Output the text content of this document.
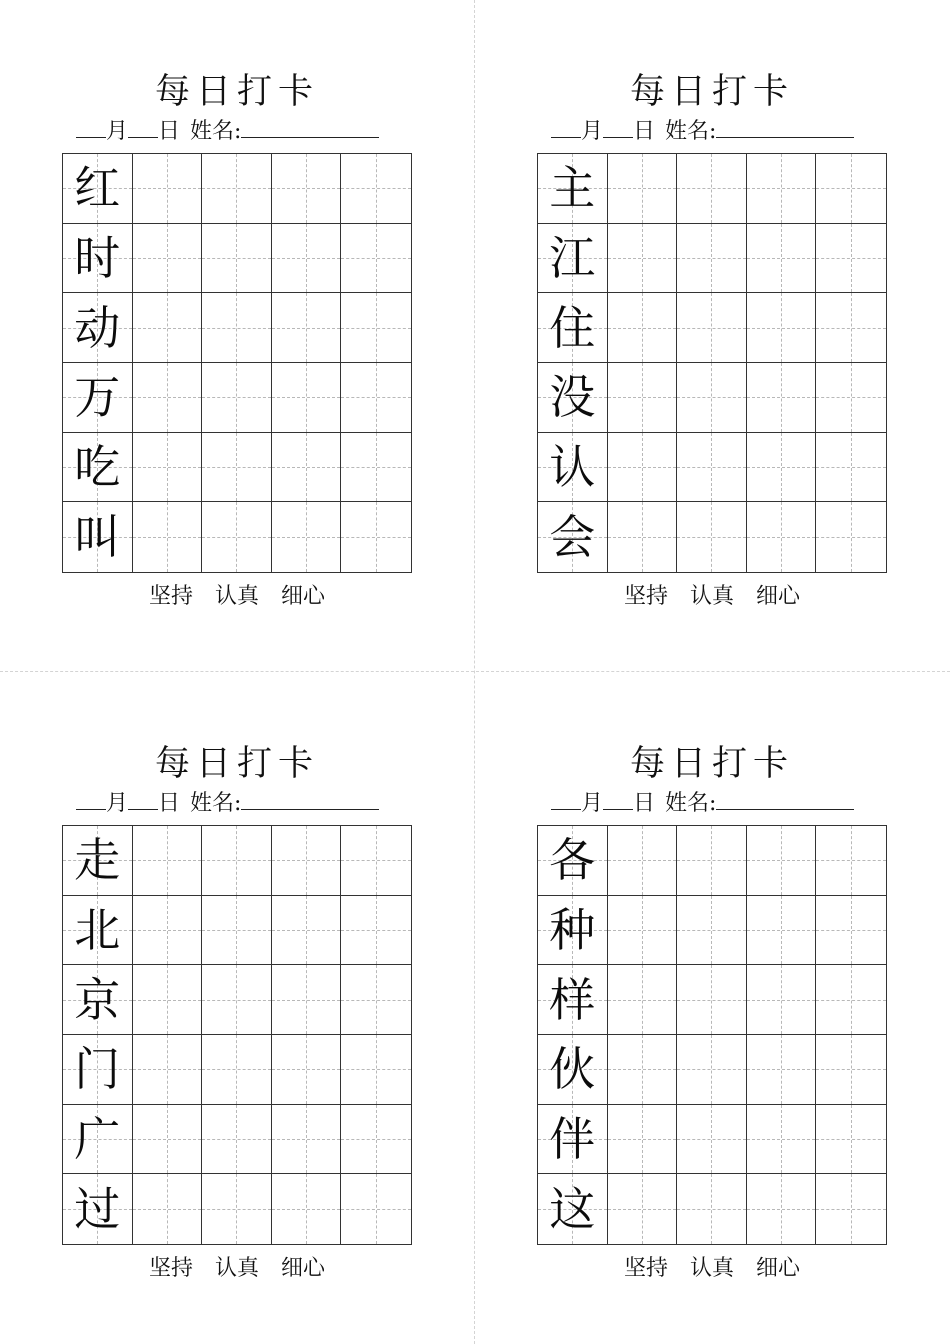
每日打卡
月 日 姓名:
红
时
动
万
吃
叫
坚持 认真 细心
每日打卡
月 日 姓名:
主
江
住
没
认
会
坚持 认真 细心
每日打卡
月 日 姓名:
走
北
京
门
广
过
坚持 认真 细心
每日打卡
月 日 姓名:
各
种
样
伙
伴
这
坚持 认真 细心
